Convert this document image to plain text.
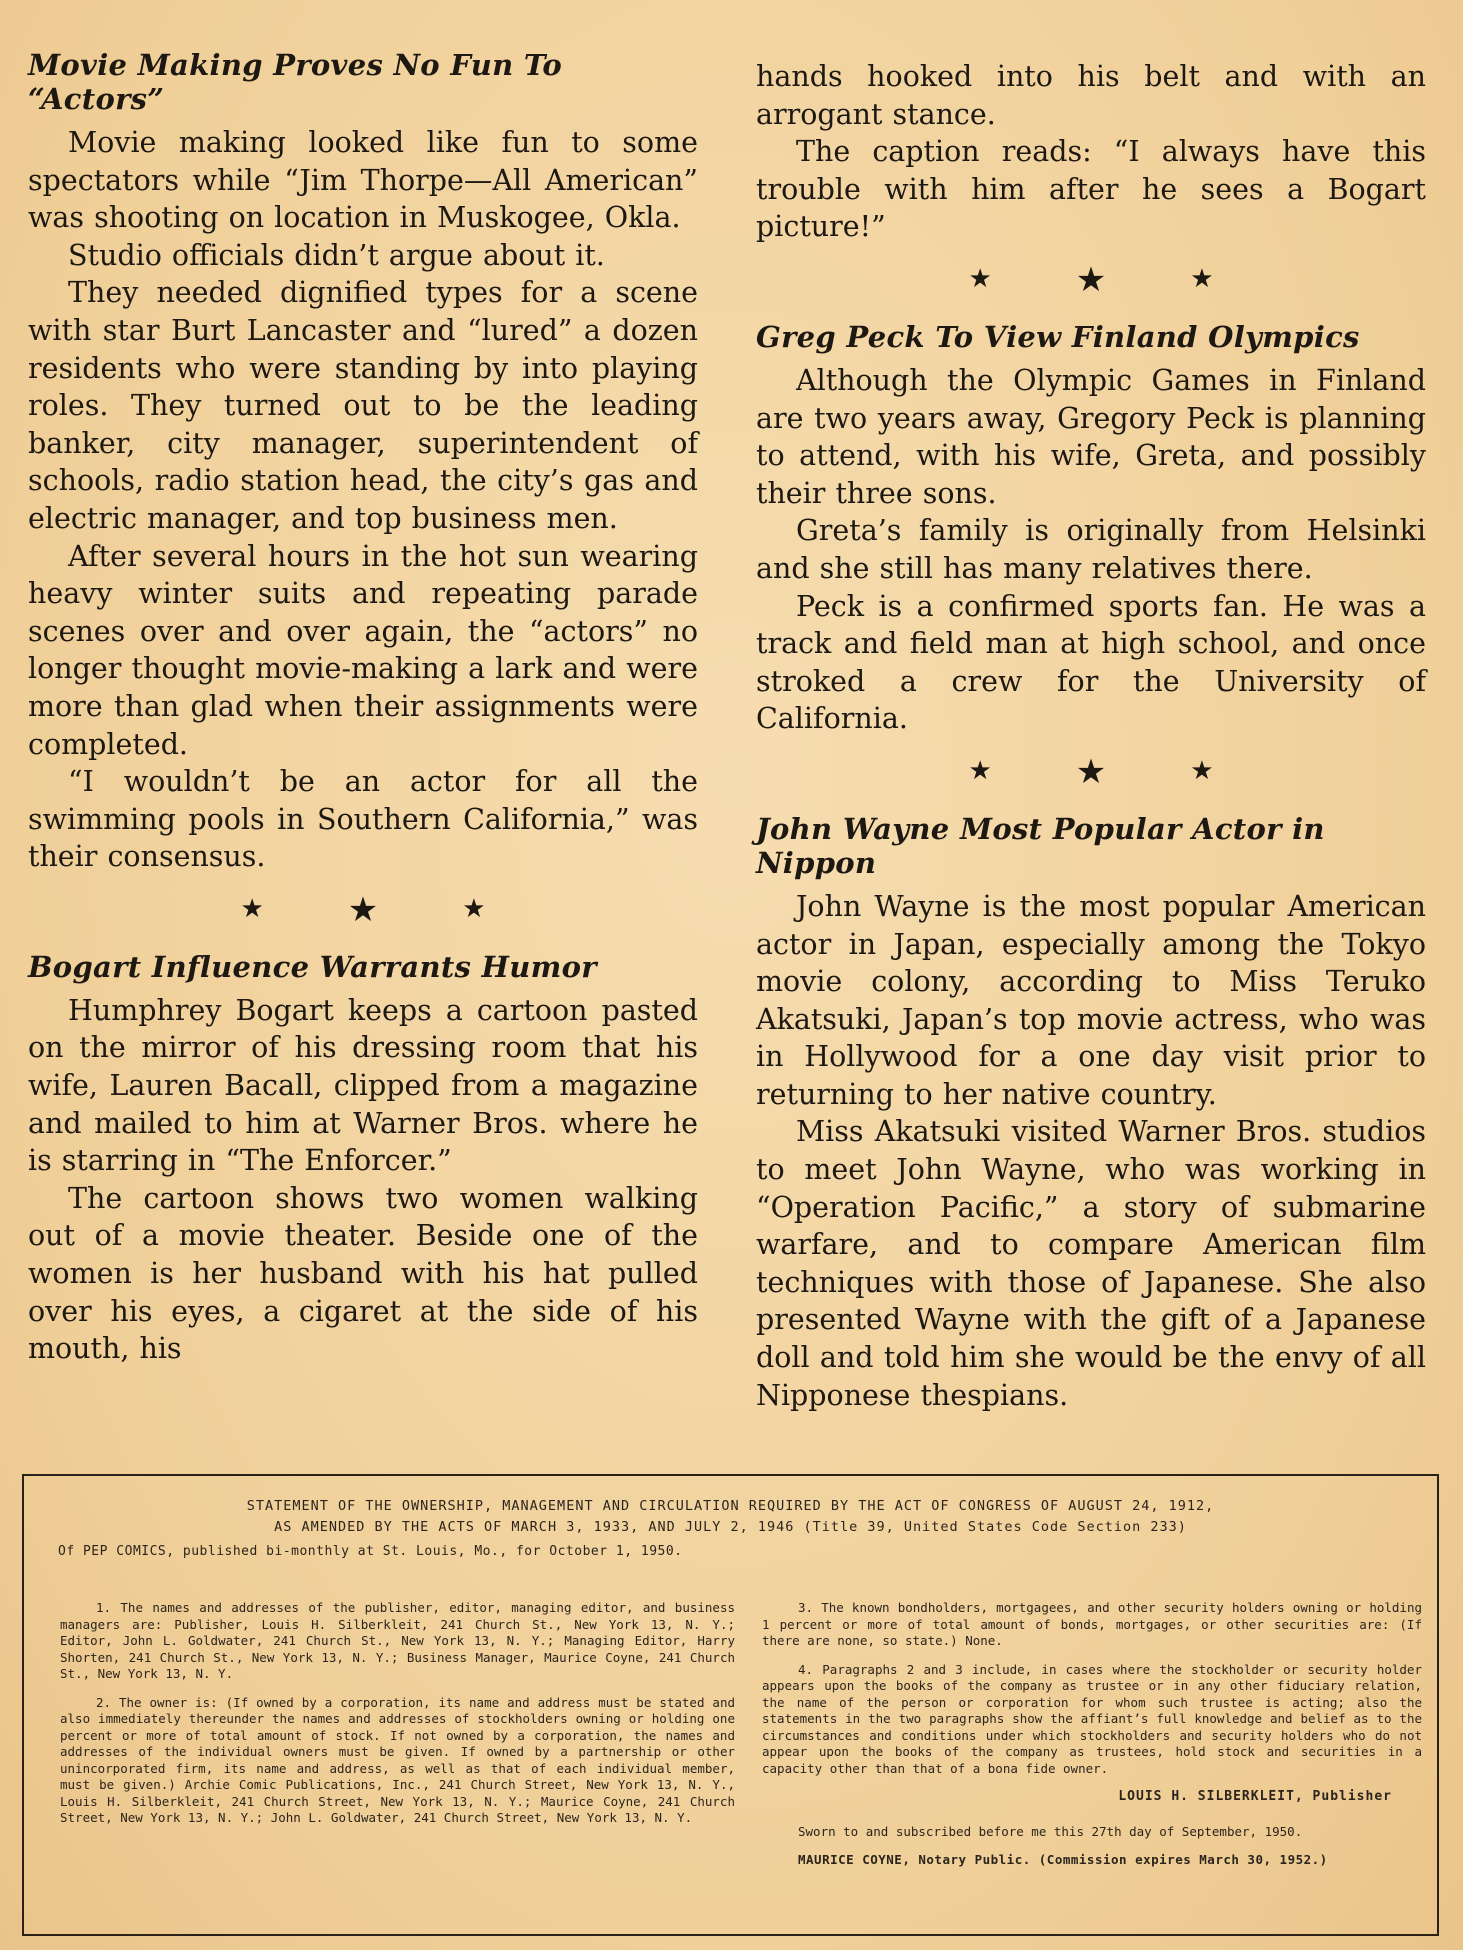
Movie Making Proves No Fun To “Actors”

Movie making looked like fun to some spectators while “Jim Thorpe—All American” was shooting on location in Muskogee, Okla.

Studio officials didn’t argue about it.

They needed dignified types for a scene with star Burt Lancaster and “lured” a dozen residents who were standing by into playing roles. They turned out to be the leading banker, city manager, superintendent of schools, radio station head, the city’s gas and electric manager, and top business men.

After several hours in the hot sun wearing heavy winter suits and repeating parade scenes over and over again, the “actors” no longer thought movie-making a lark and were more than glad when their assignments were completed.

“I wouldn’t be an actor for all the swimming pools in Southern California,” was their consensus.

★ ★	★
Bogart Influence Warrants Humor

Humphrey Bogart keeps a cartoon pasted on the mirror of his dressing room that his wife, Lauren Bacall, clipped from a magazine and mailed to him at Warner Bros. where he is starring in “The Enforcer.”

The cartoon shows two women walking out of a movie theater. Beside one of the women is her husband with his hat pulled over his eyes, a cigaret at the side of his mouth, his

hands hooked into his belt and with an arrogant stance.

The caption reads: “I always have this trouble with him after he sees a Bogart picture!”

★ ★	★
Greg Peck To View Finland Olympics

Although the Olympic Games in Finland are two years away, Gregory Peck is planning to attend, with his wife, Greta, and possibly their three sons.

Greta’s family is originally from Helsinki and she still has many relatives there.

Peck is a confirmed sports fan. He was a track and field man at high school, and once stroked a crew for the University of California.

★ ★	★
John Wayne Most Popular Actor in Nippon

John Wayne is the most popular American actor in Japan, especially among the Tokyo movie colony, according to Miss Teruko Akatsuki, Japan’s top movie actress, who was in Hollywood for a one day visit prior to returning to her native country.

Miss Akatsuki visited Warner Bros. studios to meet John Wayne, who was working in “Operation Pacific,” a story of submarine warfare, and to compare American film techniques with those of Japanese. She also presented Wayne with the gift of a Japanese doll and told him she would be the envy of all Nipponese thespians.

STATEMENT OF THE OWNERSHIP, MANAGEMENT AND CIRCULATION REQUIRED BY THE ACT OF CONGRESS OF AUGUST 24, 1912,
AS AMENDED BY THE ACTS OF MARCH 3, 1933, AND JULY 2, 1946 (Title 39, United States Code Section 233)
Of PEP COMICS, published bi-monthly at St. Louis, Mo., for October 1, 1950.

1. The names and addresses of the publisher, editor, managing editor, and business managers are: Publisher, Louis H. Silberkleit, 241 Church St., New York 13, N. Y.; Editor, John L. Goldwater, 241 Church St., New York 13, N. Y.; Managing Editor, Harry Shorten, 241 Church St., New York 13, N. Y.; Business Manager, Maurice Coyne, 241 Church St., New York 13, N. Y.

2. The owner is: (If owned by a corporation, its name and address must be stated and also immediately thereunder the names and addresses of stockholders owning or holding one percent or more of total amount of stock. If not owned by a corporation, the names and addresses of the individual owners must be given. If owned by a partnership or other unincorporated firm, its name and address, as well as that of each individual member, must be given.) Archie Comic Publications, Inc., 241 Church Street, New York 13, N. Y., Louis H. Silberkleit, 241 Church Street, New York 13, N. Y.; Maurice Coyne, 241 Church Street, New York 13, N. Y.; John L. Goldwater, 241 Church Street, New York 13, N. Y.

3. The known bondholders, mortgagees, and other security holders owning or holding 1 percent or more of total amount of bonds, mortgages, or other securities are: (If there are none, so state.) None.

4. Paragraphs 2 and 3 include, in cases where the stockholder or security holder appears upon the books of the company as trustee or in any other fiduciary relation, the name of the person or corporation for whom such trustee is acting; also the statements in the two paragraphs show the affiant’s full knowledge and belief as to the circumstances and conditions under which stockholders and security holders who do not appear upon the books of the company as trustees, hold stock and securities in a capacity other than that of a bona fide owner.

LOUIS H. SILBERKLEIT, Publisher

Sworn to and subscribed before me this 27th day of September, 1950.

MAURICE COYNE, Notary Public. (Commission expires March 30, 1952.)
